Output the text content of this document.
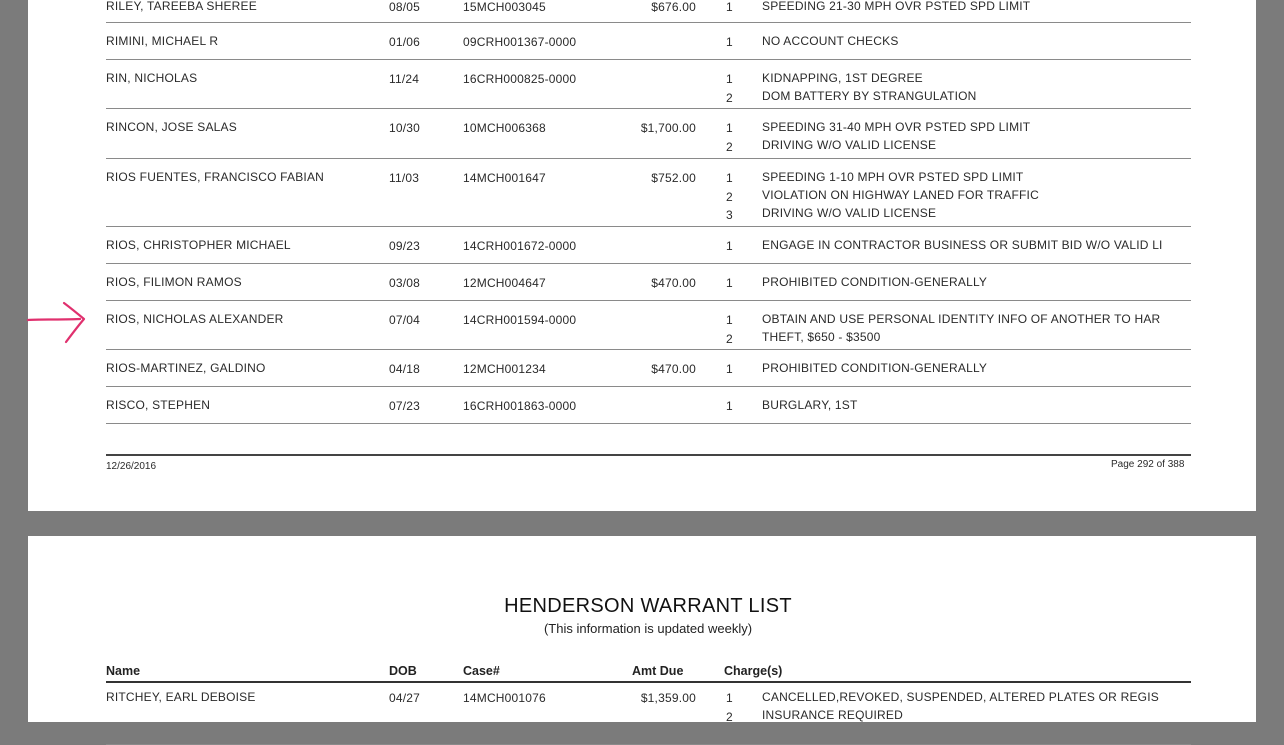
RILEY, TAREEBA SHEREE	08/05	15MCH003045	$676.00	1 SPEEDING 21-30 MPH OVR PSTED SPD LIMIT
RIMINI, MICHAEL R	01/06	09CRH001367-0000	1 NO ACCOUNT CHECKS
RIN, NICHOLAS	11/24	16CRH000825-0000	1 KIDNAPPING, 1ST DEGREE
2 DOM BATTERY BY STRANGULATION
RINCON, JOSE SALAS	10/30	10MCH006368	$1,700.00	1 SPEEDING 31-40 MPH OVR PSTED SPD LIMIT
2 DRIVING W/O VALID LICENSE
RIOS FUENTES, FRANCISCO FABIAN	11/03	14MCH001647	$752.00	1 SPEEDING 1-10 MPH OVR PSTED SPD LIMIT
2 VIOLATION ON HIGHWAY LANED FOR TRAFFIC
3 DRIVING W/O VALID LICENSE
RIOS, CHRISTOPHER MICHAEL	09/23	14CRH001672-0000	1 ENGAGE IN CONTRACTOR BUSINESS OR SUBMIT BID W/O VALID LI
RIOS, FILIMON RAMOS	03/08	12MCH004647	$470.00	1 PROHIBITED CONDITION-GENERALLY
RIOS, NICHOLAS ALEXANDER	07/04	14CRH001594-0000	1 OBTAIN AND USE PERSONAL IDENTITY INFO OF ANOTHER TO HAR
2 THEFT, $650 - $3500
RIOS-MARTINEZ, GALDINO	04/18	12MCH001234	$470.00	1 PROHIBITED CONDITION-GENERALLY
RISCO, STEPHEN	07/23	16CRH001863-0000	1 BURGLARY, 1ST
12/26/2016	Page 292 of 388
HENDERSON WARRANT LIST
(This information is updated weekly)
Name	DOB	Case#	Amt Due	Charge(s)
RITCHEY, EARL DEBOISE	04/27	14MCH001076	$1,359.00	1 CANCELLED,REVOKED, SUSPENDED, ALTERED PLATES OR REGIS
2 INSURANCE REQUIRED
